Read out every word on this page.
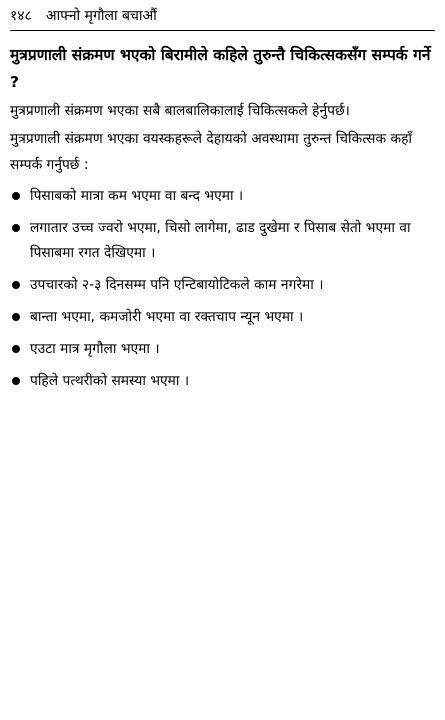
१४८ आफ्नो मृगौला बचाऔं
मुत्रप्रणाली संक्रमण भएको बिरामीले कहिले तुरुन्तै चिकित्सकसँग सम्पर्क गर्ने ?

मुत्रप्रणाली संक्रमण भएका सबै बालबालिकालाई चिकित्सकले हेर्नुपर्छ।

मुत्रप्रणाली संक्रमण भएका वयस्कहरूले देहायको अवस्थामा तुरुन्त चिकित्सक कहाँ सम्पर्क गर्नुपर्छ :

पिसाबको मात्रा कम भएमा वा बन्द भएमा ।
लगातार उच्च ज्वरो भएमा, चिसो लागेमा, ढाड दुखेमा र पिसाब सेतो भएमा वा पिसाबमा रगत देखिएमा ।
उपचारको २-३ दिनसम्म पनि एन्टिबायोटिकले काम नगरेमा ।
बान्ता भएमा, कमजोरी भएमा वा रक्तचाप न्यून भएमा ।
एउटा मात्र मृगौला भएमा ।
पहिले पत्थरीको समस्या भएमा ।
